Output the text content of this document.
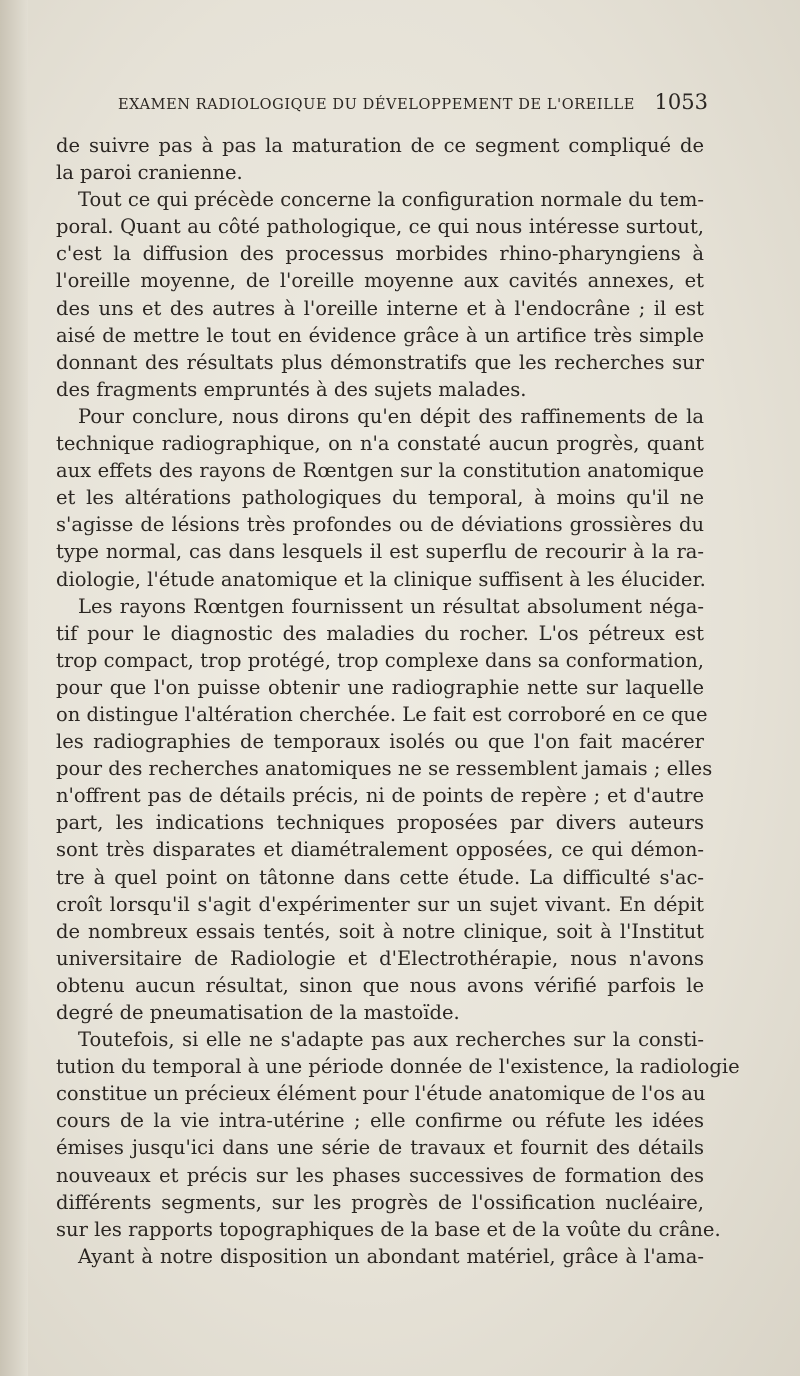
EXAMEN RADIOLOGIQUE DU DÉVELOPPEMENT DE L'OREILLE 1053
de suivre pas à pas la maturation de ce segment compliqué de
la paroi cranienne.
Tout ce qui précède concerne la configuration normale du tem-
poral. Quant au côté pathologique, ce qui nous intéresse surtout,
c'est la diffusion des processus morbides rhino-pharyngiens à
l'oreille moyenne, de l'oreille moyenne aux cavités annexes, et
des uns et des autres à l'oreille interne et à l'endocrâne ; il est
aisé de mettre le tout en évidence grâce à un artifice très simple
donnant des résultats plus démonstratifs que les recherches sur
des fragments empruntés à des sujets malades.
Pour conclure, nous dirons qu'en dépit des raffinements de la
technique radiographique, on n'a constaté aucun progrès, quant
aux effets des rayons de Rœntgen sur la constitution anatomique
et les altérations pathologiques du temporal, à moins qu'il ne
s'agisse de lésions très profondes ou de déviations grossières du
type normal, cas dans lesquels il est superflu de recourir à la ra-
diologie, l'étude anatomique et la clinique suffisent à les élucider.
Les rayons Rœntgen fournissent un résultat absolument néga-
tif pour le diagnostic des maladies du rocher. L'os pétreux est
trop compact, trop protégé, trop complexe dans sa conformation,
pour que l'on puisse obtenir une radiographie nette sur laquelle
on distingue l'altération cherchée. Le fait est corroboré en ce que
les radiographies de temporaux isolés ou que l'on fait macérer
pour des recherches anatomiques ne se ressemblent jamais ; elles
n'offrent pas de détails précis, ni de points de repère ; et d'autre
part, les indications techniques proposées par divers auteurs
sont très disparates et diamétralement opposées, ce qui démon-
tre à quel point on tâtonne dans cette étude. La difficulté s'ac-
croît lorsqu'il s'agit d'expérimenter sur un sujet vivant. En dépit
de nombreux essais tentés, soit à notre clinique, soit à l'Institut
universitaire de Radiologie et d'Electrothérapie, nous n'avons
obtenu aucun résultat, sinon que nous avons vérifié parfois le
degré de pneumatisation de la mastoïde.
Toutefois, si elle ne s'adapte pas aux recherches sur la consti-
tution du temporal à une période donnée de l'existence, la radiologie
constitue un précieux élément pour l'étude anatomique de l'os au
cours de la vie intra-utérine ; elle confirme ou réfute les idées
émises jusqu'ici dans une série de travaux et fournit des détails
nouveaux et précis sur les phases successives de formation des
différents segments, sur les progrès de l'ossification nucléaire,
sur les rapports topographiques de la base et de la voûte du crâne.
Ayant à notre disposition un abondant matériel, grâce à l'ama-
